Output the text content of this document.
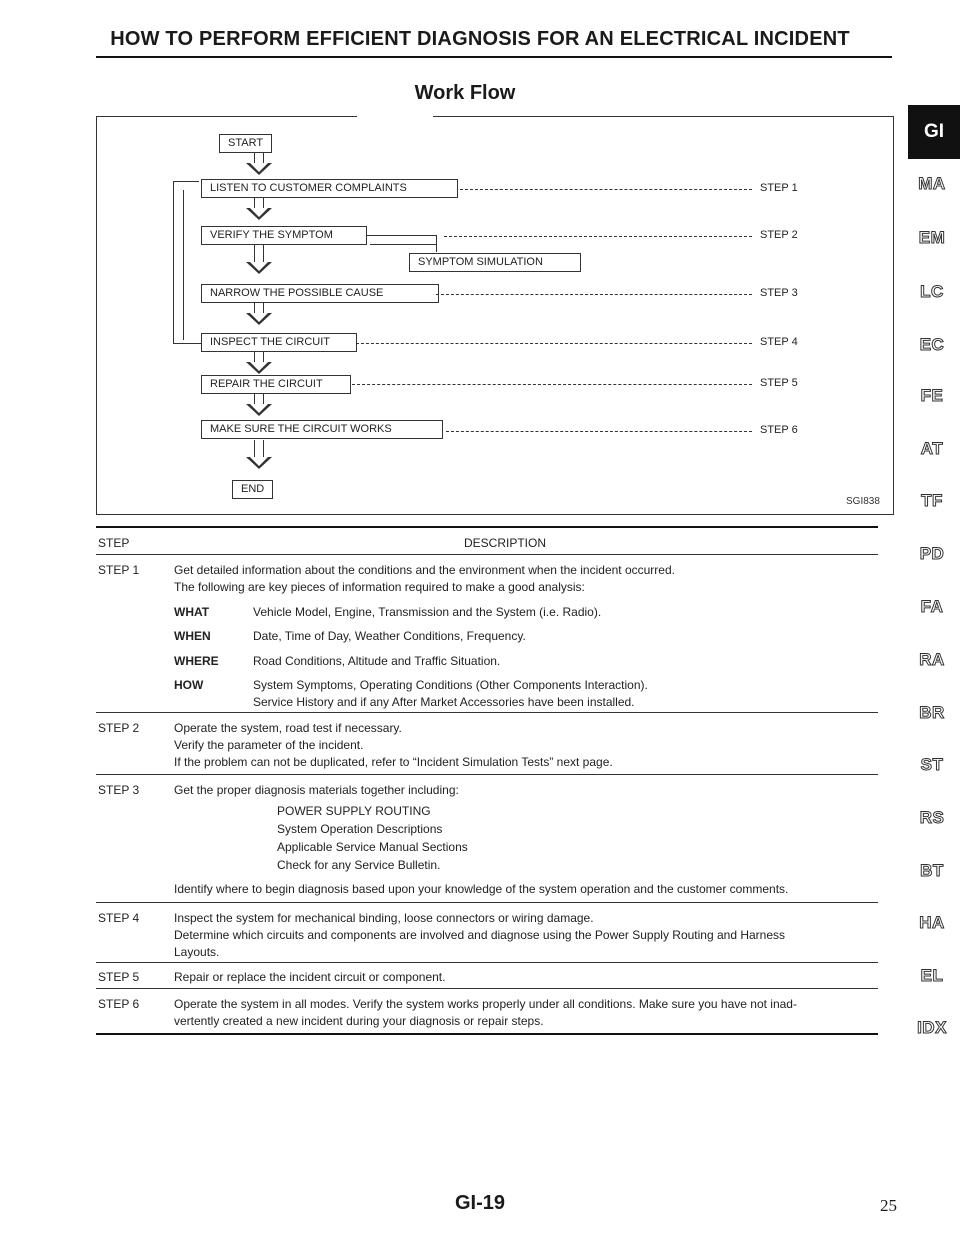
HOW TO PERFORM EFFICIENT DIAGNOSIS FOR AN ELECTRICAL INCIDENT
Work Flow
START
LISTEN TO CUSTOMER COMPLAINTS	STEP 1
VERIFY THE SYMPTOM
SYMPTOM SIMULATION
STEP 2
NARROW THE POSSIBLE CAUSE	STEP 3
INSPECT THE CIRCUIT	STEP 4
REPAIR THE CIRCUIT	STEP 5
MAKE SURE THE CIRCUIT WORKS	STEP 6
END
SGI838
STEP	DESCRIPTION
STEP 1	Get detailed information about the conditions and the environment when the incident occurred.
The following are key pieces of information required to make a good analysis:
WHAT	Vehicle Model, Engine, Transmission and the System (i.e. Radio).
WHEN	Date, Time of Day, Weather Conditions, Frequency.
WHERE	Road Conditions, Altitude and Traffic Situation.
HOW	System Symptoms, Operating Conditions (Other Components Interaction).
Service History and if any After Market Accessories have been installed.
STEP 2	Operate the system, road test if necessary.
Verify the parameter of the incident.
If the problem can not be duplicated, refer to “Incident Simulation Tests” next page.
STEP 3	Get the proper diagnosis materials together including:
POWER SUPPLY ROUTING
System Operation Descriptions
Applicable Service Manual Sections
Check for any Service Bulletin.
Identify where to begin diagnosis based upon your knowledge of the system operation and the customer comments.
STEP 4	Inspect the system for mechanical binding, loose connectors or wiring damage.
Determine which circuits and components are involved and diagnose using the Power Supply Routing and Harness
Layouts.
STEP 5	Repair or replace the incident circuit or component.
STEP 6	Operate the system in all modes. Verify the system works properly under all conditions. Make sure you have not inad-
vertently created a new incident during your diagnosis or repair steps.
GI
MA
EM
LC
EC
FE
AT
TF
PD
FA
RA
BR
ST
RS
BT
HA
EL
IDX
GI-19	25
